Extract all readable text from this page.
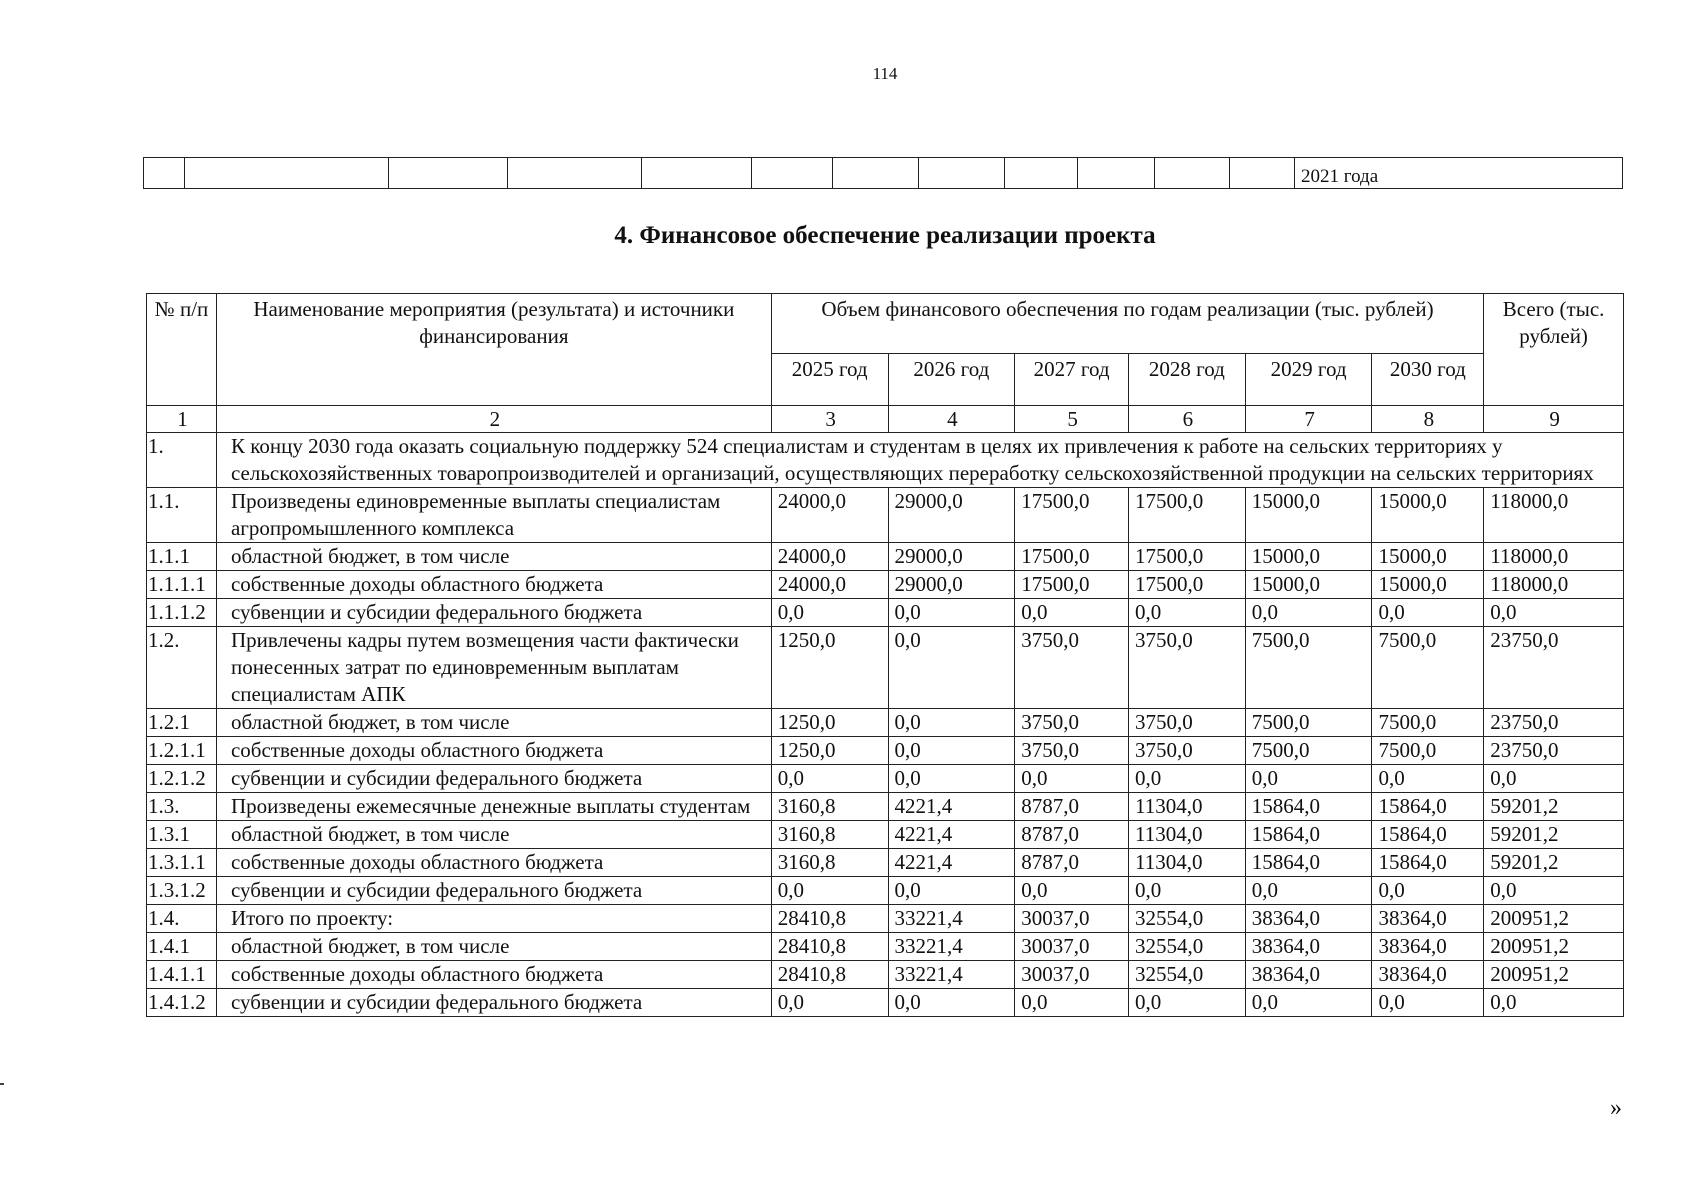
114
												2021 года
4. Финансовое обеспечение реализации проекта
№ п/п	Наименование мероприятия (результата) и источники финансирования	Объем финансового обеспечения по годам реализации (тыс. рублей)						Всего (тыс. рублей)
		2025 год	2026 год	2027 год	2028 год	2029 год	2030 год	
1	2	3	4	5	6	7	8	9
1.	К концу 2030 года оказать социальную поддержку 524 специалистам и студентам в целях их привлечения к работе на сельских территориях у сельскохозяйственных товаропроизводителей и организаций, осуществляющих переработку сельскохозяйственной продукции на сельских территориях							
1.1.	Произведены единовременные выплаты специалистам агропромышленного комплекса	24000,0	29000,0	17500,0	17500,0	15000,0	15000,0	118000,0
1.1.1	областной бюджет, в том числе	24000,0	29000,0	17500,0	17500,0	15000,0	15000,0	118000,0
1.1.1.1	собственные доходы областного бюджета	24000,0	29000,0	17500,0	17500,0	15000,0	15000,0	118000,0
1.1.1.2	субвенции и субсидии федерального бюджета	0,0	0,0	0,0	0,0	0,0	0,0	0,0
1.2.	Привлечены кадры путем возмещения части фактически понесенных затрат по единовременным выплатам специалистам АПК	1250,0	0,0	3750,0	3750,0	7500,0	7500,0	23750,0
1.2.1	областной бюджет, в том числе	1250,0	0,0	3750,0	3750,0	7500,0	7500,0	23750,0
1.2.1.1	собственные доходы областного бюджета	1250,0	0,0	3750,0	3750,0	7500,0	7500,0	23750,0
1.2.1.2	субвенции и субсидии федерального бюджета	0,0	0,0	0,0	0,0	0,0	0,0	0,0
1.3.	Произведены ежемесячные денежные выплаты студентам	3160,8	4221,4	8787,0	11304,0	15864,0	15864,0	59201,2
1.3.1	областной бюджет, в том числе	3160,8	4221,4	8787,0	11304,0	15864,0	15864,0	59201,2
1.3.1.1	собственные доходы областного бюджета	3160,8	4221,4	8787,0	11304,0	15864,0	15864,0	59201,2
1.3.1.2	субвенции и субсидии федерального бюджета	0,0	0,0	0,0	0,0	0,0	0,0	0,0
1.4.	Итого по проекту:	28410,8	33221,4	30037,0	32554,0	38364,0	38364,0	200951,2
1.4.1	областной бюджет, в том числе	28410,8	33221,4	30037,0	32554,0	38364,0	38364,0	200951,2
1.4.1.1	собственные доходы областного бюджета	28410,8	33221,4	30037,0	32554,0	38364,0	38364,0	200951,2
1.4.1.2	субвенции и субсидии федерального бюджета	0,0	0,0	0,0	0,0	0,0	0,0	0,0
»
